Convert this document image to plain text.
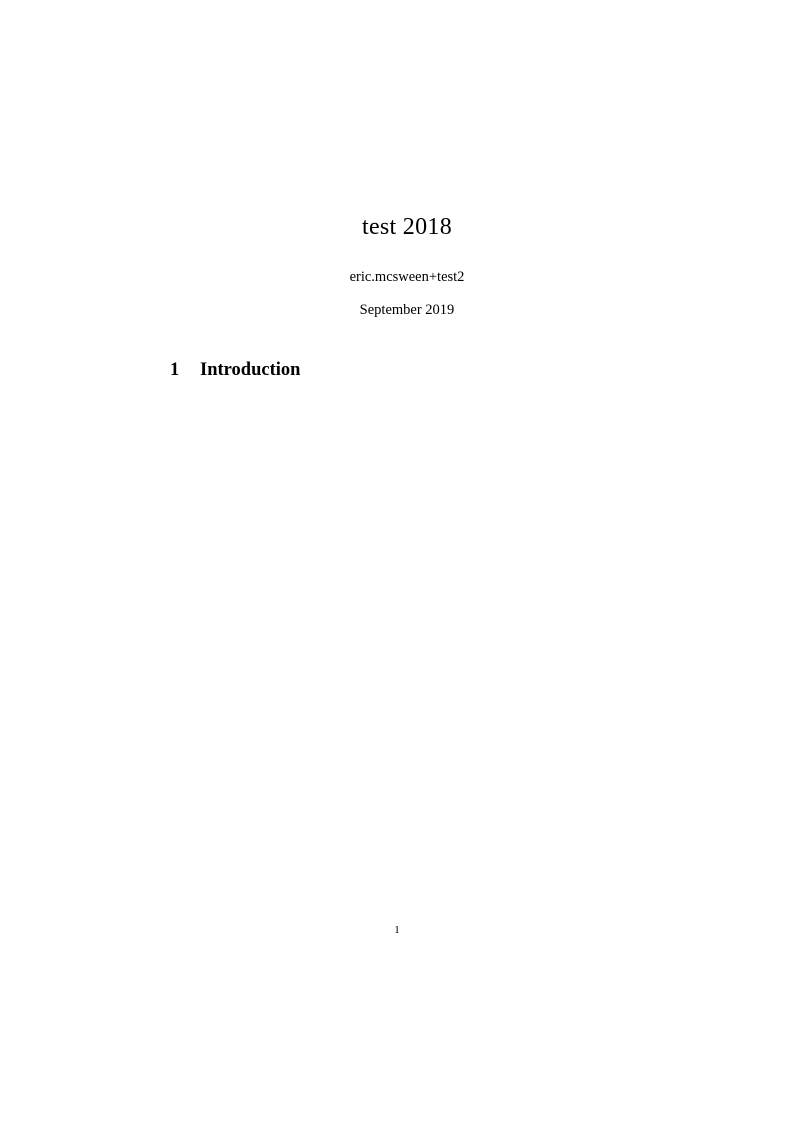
test 2018

eric.mcsween+test2

September 2019

1	Introduction

1
